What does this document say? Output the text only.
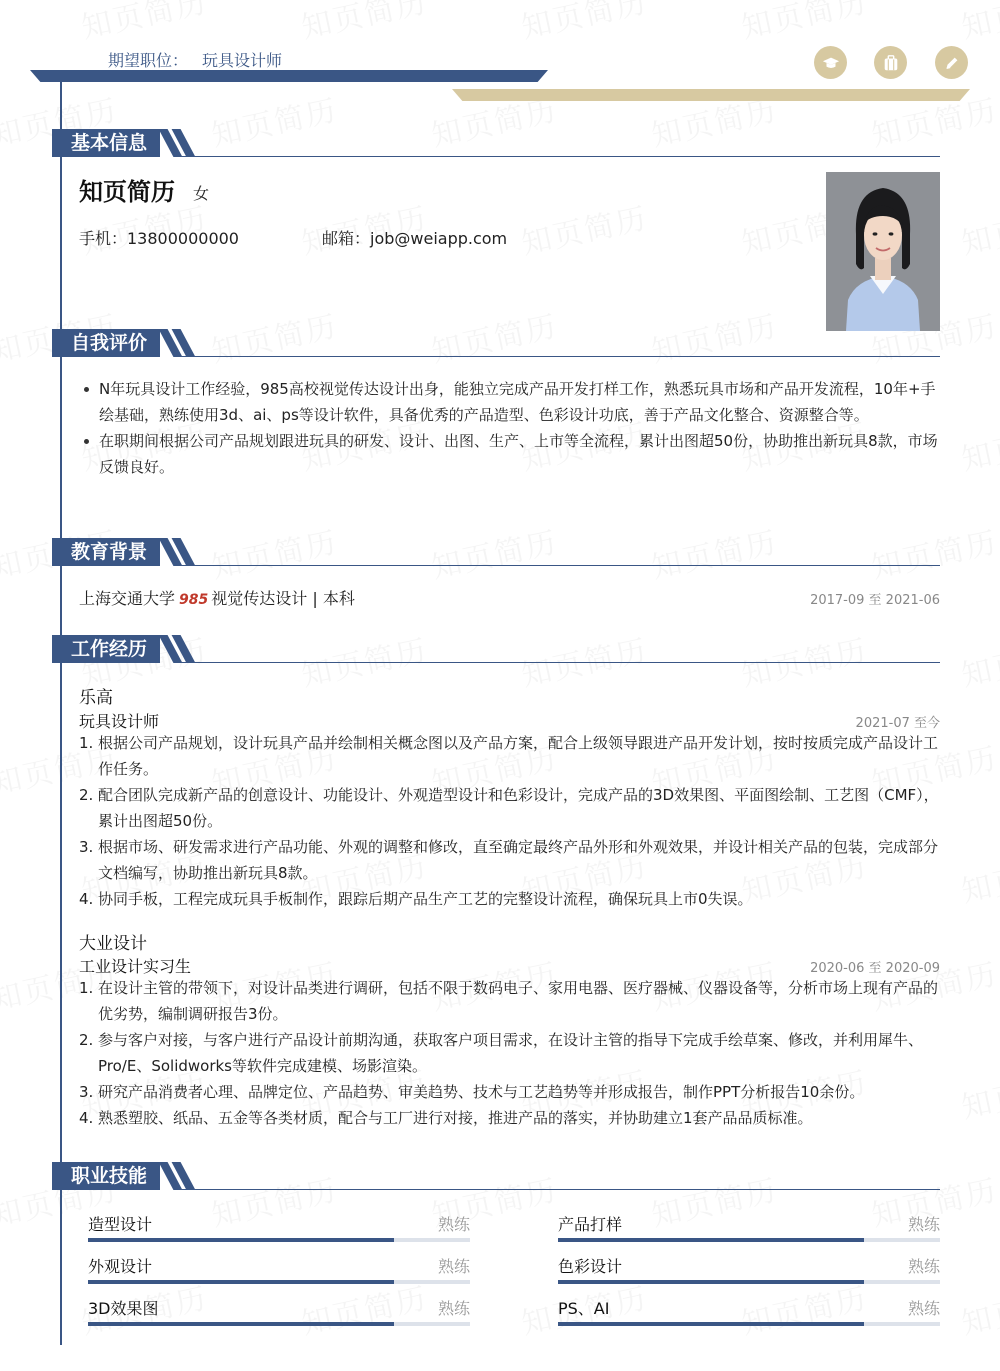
期望职位： 玩具设计师
基本信息
知页简历 女
手机：13800000000	邮箱：job@weiapp.com
自我评价
N年玩具设计工作经验，985高校视觉传达设计出身，能独立完成产品开发打样工作，熟悉玩具市场和产品开发流程，10年+手绘基础，熟练使用3d、ai、ps等设计软件，具备优秀的产品造型、色彩设计功底，善于产品文化整合、资源整合等。
在职期间根据公司产品规划跟进玩具的研发、设计、出图、生产、上市等全流程，累计出图超50份，协助推出新玩具8款，市场反馈良好。
教育背景
上海交通大学 985 视觉传达设计 | 本科	2017-09 至 2021-06
工作经历
乐高
玩具设计师	2021-07 至今
1. 根据公司产品规划，设计玩具产品并绘制相关概念图以及产品方案，配合上级领导跟进产品开发计划，按时按质完成产品设计工作任务。
2. 配合团队完成新产品的创意设计、功能设计、外观造型设计和色彩设计，完成产品的3D效果图、平面图绘制、工艺图（CMF），累计出图超50份。
3. 根据市场、研发需求进行产品功能、外观的调整和修改，直至确定最终产品外形和外观效果，并设计相关产品的包装，完成部分文档编写，协助推出新玩具8款。
4. 协同手板，工程完成玩具手板制作，跟踪后期产品生产工艺的完整设计流程，确保玩具上市0失误。
大业设计
工业设计实习生	2020-06 至 2020-09
1. 在设计主管的带领下，对设计品类进行调研，包括不限于数码电子、家用电器、医疗器械、仪器设备等，分析市场上现有产品的优劣势，编制调研报告3份。
2. 参与客户对接，与客户进行产品设计前期沟通，获取客户项目需求，在设计主管的指导下完成手绘草案、修改，并利用犀牛、Pro/E、Solidworks等软件完成建模、场影渲染。
3. 研究产品消费者心理、品牌定位、产品趋势、审美趋势、技术与工艺趋势等并形成报告，制作PPT分析报告10余份。
4. 熟悉塑胶、纸品、五金等各类材质，配合与工厂进行对接，推进产品的落实，并协助建立1套产品品质标准。
职业技能
造型设计	熟练	产品打样	熟练
外观设计	熟练	色彩设计	熟练
3D效果图	熟练	PS、AI	熟练
